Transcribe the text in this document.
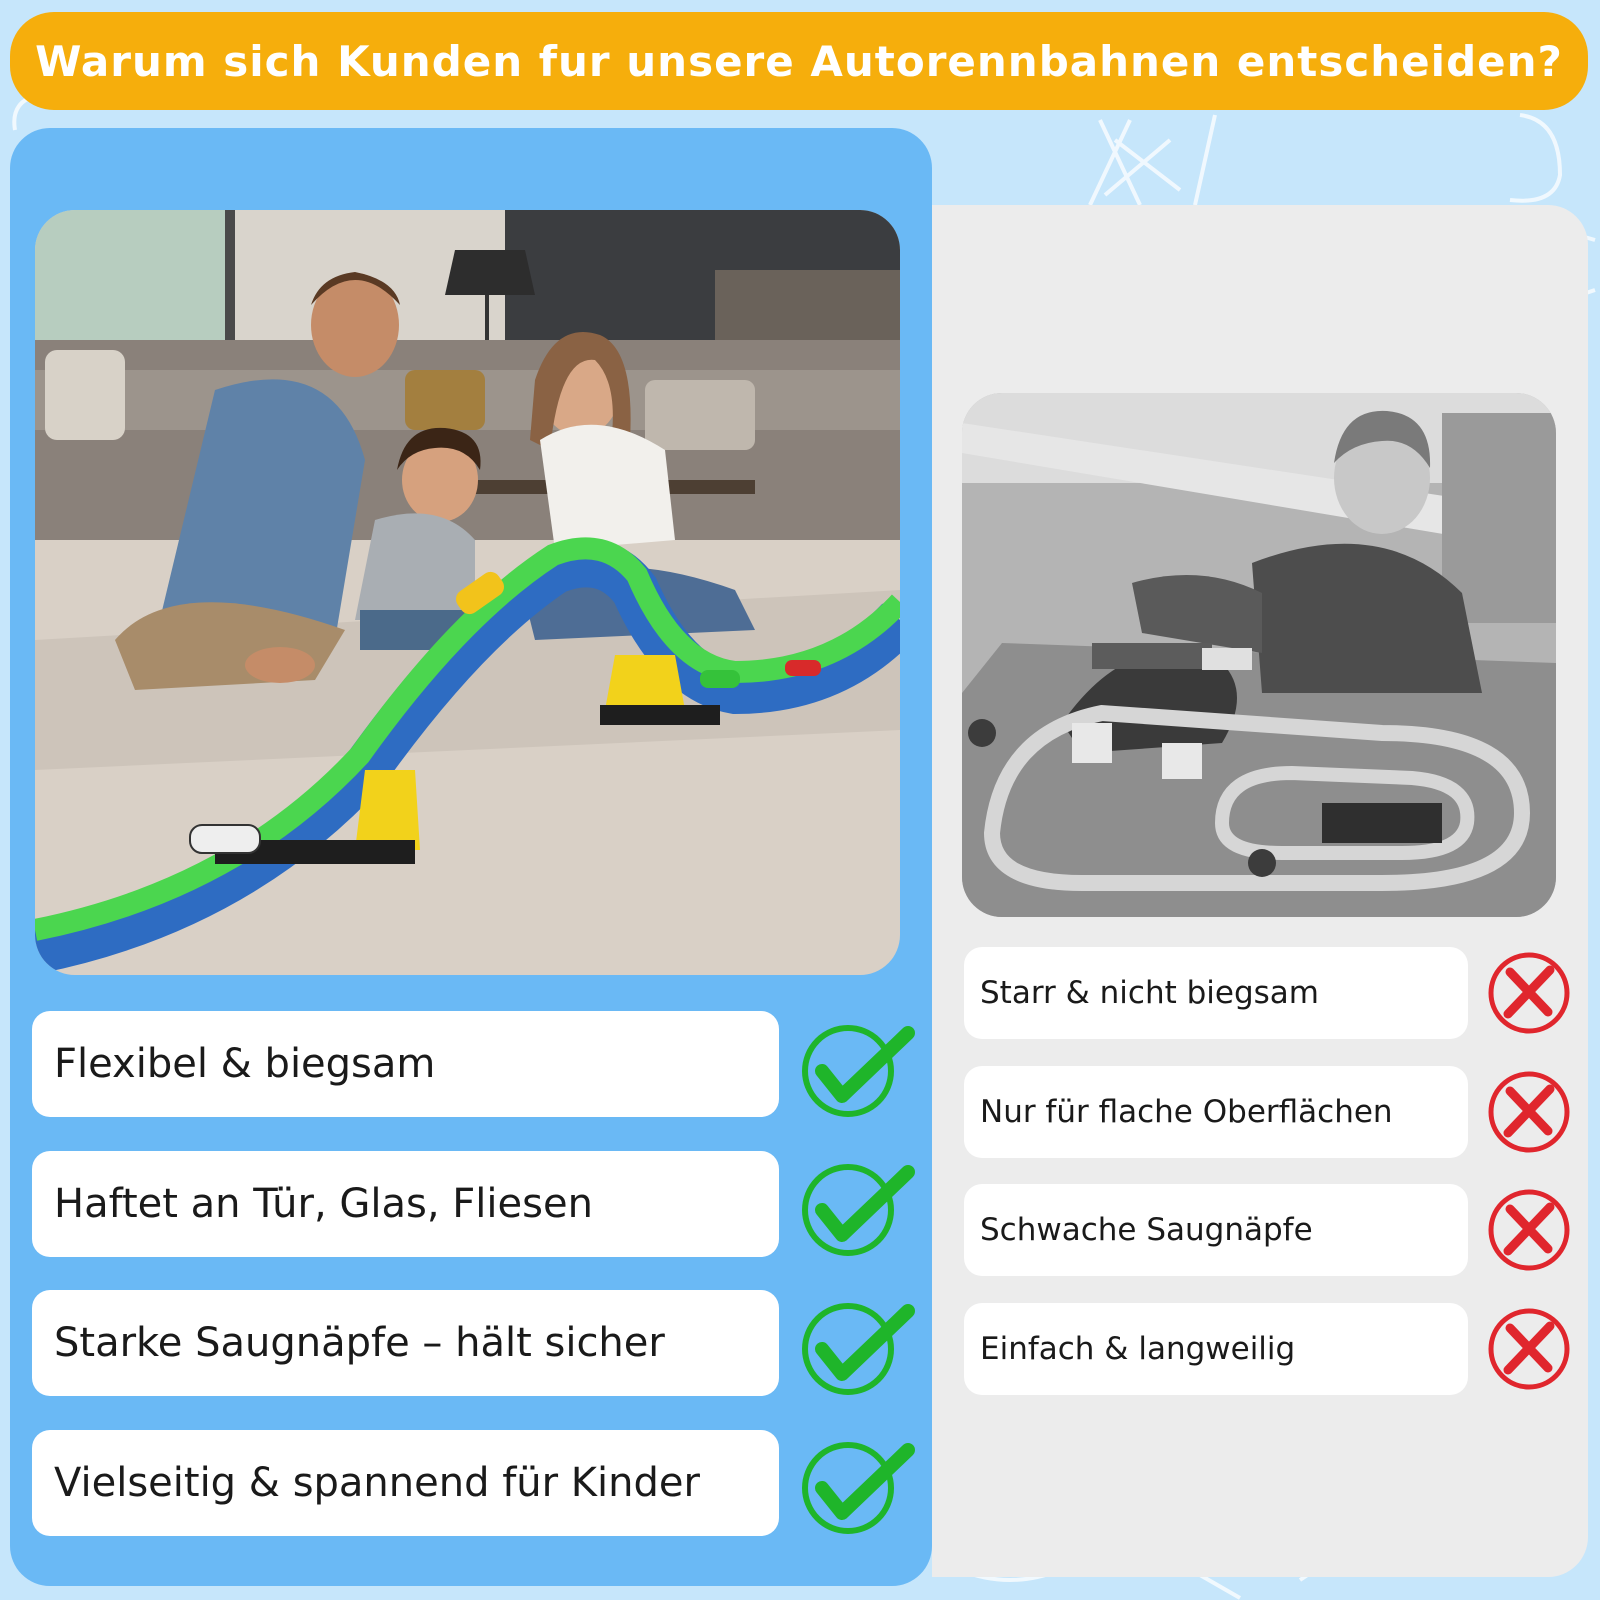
Warum sich Kunden fur unsere Autorennbahnen entscheiden?
Flexibel & biegsam
Haftet an Tür, Glas, Fliesen
Starke Saugnäpfe – hält sicher
Vielseitig & spannend für Kinder
Starr & nicht biegsam
Nur für flache Oberflächen
Schwache Saugnäpfe
Einfach & langweilig
